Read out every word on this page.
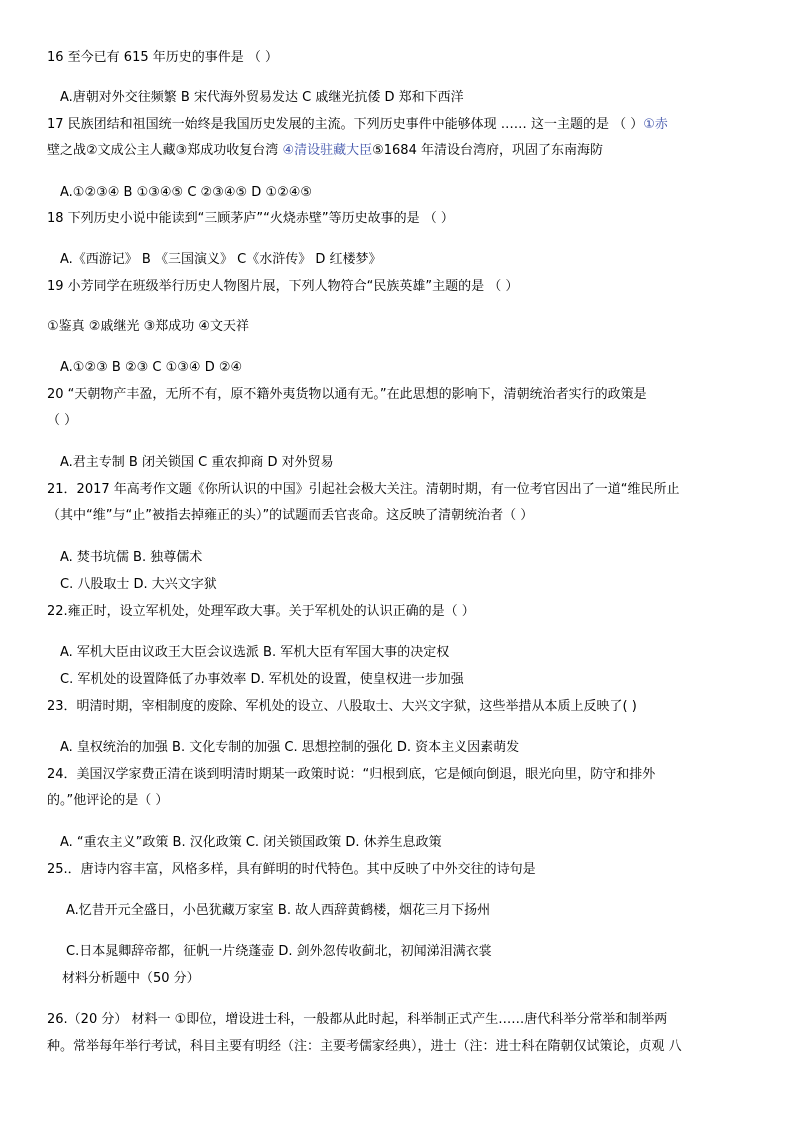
16 至今已有 615 年历史的事件是 （ ）
A.唐朝对外交往频繁 B 宋代海外贸易发达 C 戚继光抗倭 D 郑和下西洋
17 民族团结和祖国统一始终是我国历史发展的主流。下列历史事件中能够体现 …… 这一主题的是 （ ）①赤
壁之战②文成公主人藏③郑成功收复台湾 ④清设驻藏大臣⑤1684 年清设台湾府，巩固了东南海防
A.①②③④ B ①③④⑤ C ②③④⑤ D ①②④⑤
18 下列历史小说中能读到“三顾茅庐”“火烧赤壁”等历史故事的是 （ ）
A.《西游记》 B 《三国演义》 C《水浒传》 D 红楼梦》
19 小芳同学在班级举行历史人物图片展，下列人物符合“民族英雄”主题的是 （ ）
①鉴真 ②戚继光 ③郑成功 ④文天祥
A.①②③ B ②③ C ①③④ D ②④
20 “天朝物产丰盈，无所不有，原不籍外夷货物以通有无。”在此思想的影响下，清朝统治者实行的政策是
（ ）
A.君主专制 B 闭关锁国 C 重农抑商 D 对外贸易
21．2017 年高考作文题《你所认识的中国》引起社会极大关注。清朝时期，有一位考官因出了一道“维民所止
（其中“维”与“止”被指去掉雍正的头）”的试题而丢官丧命。这反映了清朝统治者（ ）
A. 焚书坑儒 B. 独尊儒术
C. 八股取士 D. 大兴文字狱
22.雍正时，设立军机处，处理军政大事。关于军机处的认识正确的是（ ）
A. 军机大臣由议政王大臣会议选派 B. 军机大臣有军国大事的决定权
C. 军机处的设置降低了办事效率 D. 军机处的设置，使皇权进一步加强
23．明清时期，宰相制度的废除、军机处的设立、八股取士、大兴文字狱，这些举措从本质上反映了( )
A. 皇权统治的加强 B. 文化专制的加强 C. 思想控制的强化 D. 资本主义因素萌发
24．美国汉学家费正清在谈到明清时期某一政策时说：“归根到底，它是倾向倒退，眼光向里，防守和排外
的。”他评论的是（ ）
A. “重农主义”政策 B. 汉化政策 C. 闭关锁国政策 D. 休养生息政策
25.．唐诗内容丰富，风格多样，具有鲜明的时代特色。其中反映了中外交往的诗句是
A.忆昔开元全盛日，小邑犹藏万家室 B. 故人西辞黄鹤楼，烟花三月下扬州
C.日本晁卿辞帝都，征帆一片绕蓬壶 D. 剑外忽传收蓟北，初闻涕泪满衣裳
材料分析题中（50 分）
26.（20 分） 材料一 ①即位，增设进士科，一般都从此时起，科举制正式产生……唐代科举分常举和制举两
种。常举每年举行考试，科目主要有明经（注：主要考儒家经典），进士（注：进士科在隋朝仅试策论，贞观 八
